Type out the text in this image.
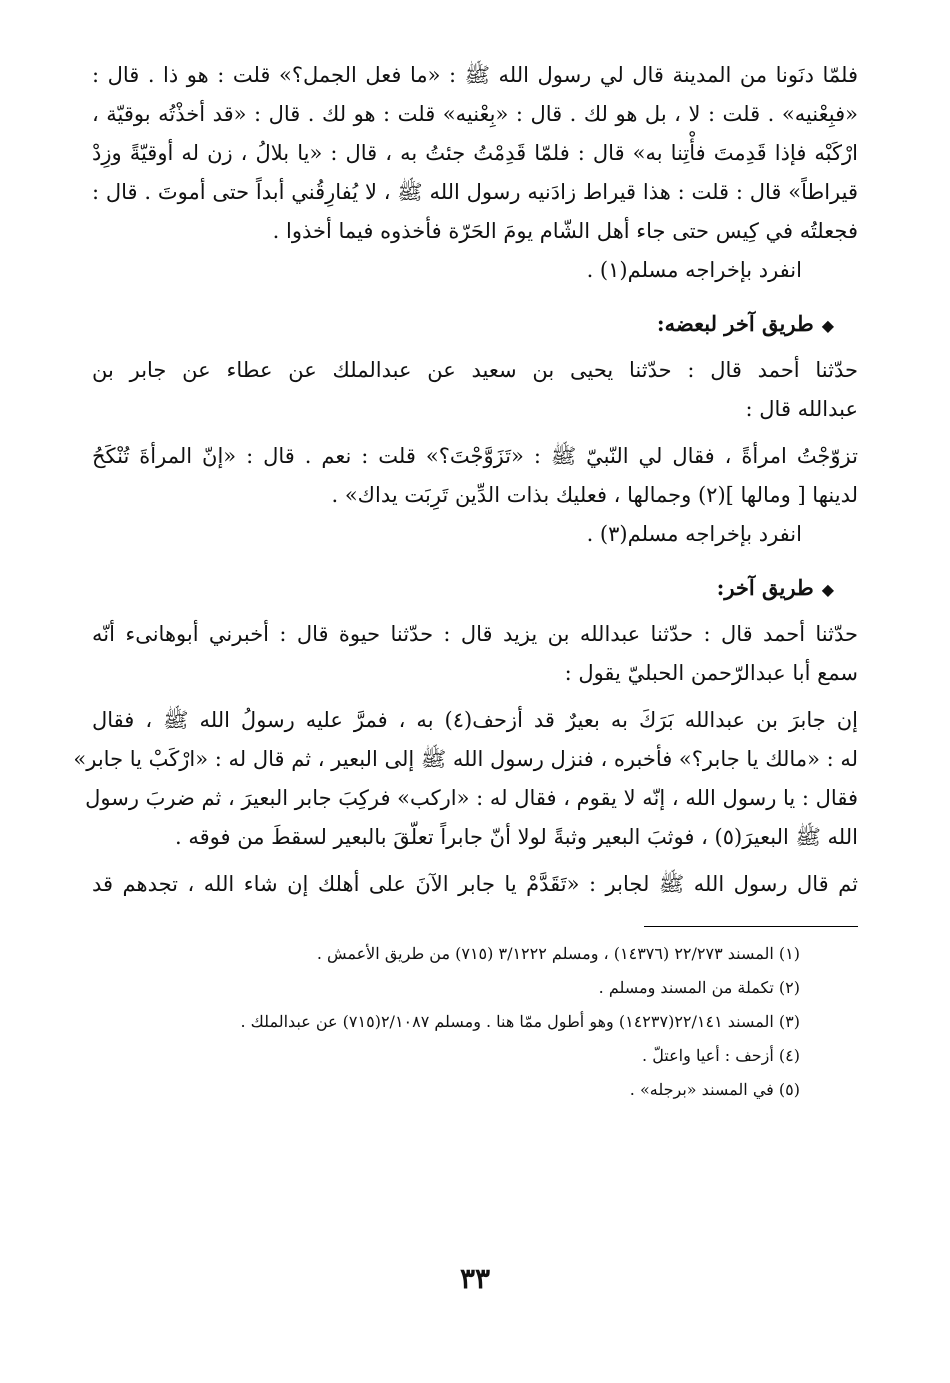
فلمّا دنَونا من المدينة قال لي رسول الله ﷺ : «ما فعل الجمل؟» قلت : هو ذا . قال :

«فبِعْنيه» . قلت : لا ، بل هو لك . قال : «بِعْنيه» قلت : هو لك . قال : «قد أخذْتُه بوقيّة ،

ارْكَبْه فإذا قَدِمتَ فأْتِنا به» قال : فلمّا قَدِمْتُ جئتُ به ، قال : «يا بلالُ ، زن له أوقيّةً وزِدْ

قيراطاً» قال : قلت : هذا قيراط زادَنيه رسول الله ﷺ ، لا يُفارِقُني أبداً حتى أموتَ . قال :

فجعلتُه في كِيس حتى جاء أهل الشّام يومَ الحَرّة فأخذوه فيما أخذوا .

انفرد بإخراجه مسلم(١) .

◆طريق آخر لبعضه:

حدّثنا أحمد قال : حدّثنا يحيى بن سعيد عن عبدالملك عن عطاء عن جابر بن

عبدالله قال :

تزوّجْتُ امرأةً ، فقال لي النّبيّ ﷺ : «تَزَوَّجْتَ؟» قلت : نعم . قال : «إنّ المرأةَ تُنْكَحُ

لدينها [ ومالها ](٢) وجمالها ، فعليك بذات الدِّين تَرِبَت يداك» .

انفرد بإخراجه مسلم(٣) .

◆طريق آخر:

حدّثنا أحمد قال : حدّثنا عبدالله بن يزيد قال : حدّثنا حيوة قال : أخبرني أبوهانىء أنّه

سمع أبا عبدالرّحمن الحبليّ يقول :

إن جابرَ بن عبدالله بَرَكَ به بعيرٌ قد أزحف(٤) به ، فمرَّ عليه رسولُ الله ﷺ ، فقال

له : «مالك يا جابر؟» فأخبره ، فنزل رسول الله ﷺ إلى البعير ، ثم قال له : «ارْكَبْ يا جابر»

فقال : يا رسول الله ، إنّه لا يقوم ، فقال له : «اركب» فركِبَ جابر البعيرَ ، ثم ضربَ رسول

الله ﷺ البعيرَ(٥) ، فوثبَ البعير وثبةً لولا أنّ جابراً تعلّقَ بالبعير لسقطَ من فوقه .

ثم قال رسول الله ﷺ لجابر : «تَقَدَّمْ يا جابر الآنَ على أهلك إن شاء الله ، تجدهم قد

(١) المسند ٢٢/٢٧٣ (١٤٣٧٦) ، ومسلم ٣/١٢٢٢ (٧١٥) من طريق الأعمش .

(٢) تكملة من المسند ومسلم .

(٣) المسند ٢٢/١٤١(١٤٢٣٧) وهو أطول ممّا هنا . ومسلم ٢/١٠٨٧(٧١٥) عن عبدالملك .

(٤) أزحف : أعيا واعتلّ .

(٥) في المسند «برجله» .

٣٣
